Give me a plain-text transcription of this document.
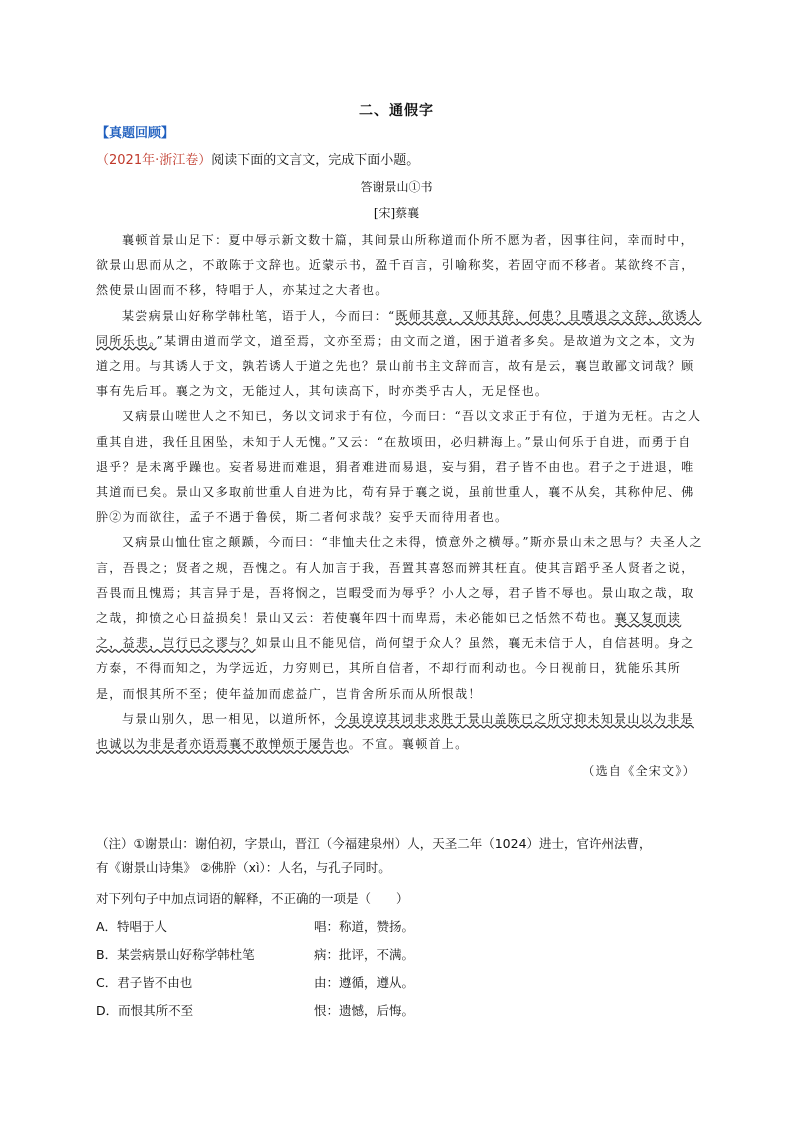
二、通假字
【真题回顾】
（2021年·浙江卷）阅读下面的文言文，完成下面小题。
答谢景山①书
[宋]蔡襄

襄顿首景山足下：夏中辱示新文数十篇，其间景山所称道而仆所不愿为者，因事往问，幸而时中，欲景山思而从之，不敢陈于文辞也。近蒙示书，盈千百言，引喻称奖，若固守而不移者。某欲终不言，然使景山固而不移，特唱于人，亦某过之大者也。

某尝病景山好称学韩杜笔，语于人，今而曰：“既师其意，又师其辞，何患？且嗜退之文辞，欲诱人同所乐也。”某谓由道而学文，道至焉，文亦至焉；由文而之道，困于道者多矣。是故道为文之本，文为道之用。与其诱人于文，孰若诱人于道之先也？景山前书主文辞而言，故有是云，襄岂敢鄙文词哉？顾事有先后耳。襄之为文，无能过人，其句读高下，时亦类乎古人，无足怪也。

又病景山嗟世人之不知已，务以文词求于有位，今而曰：“吾以文求正于有位，于道为无枉。古之人重其自进，我任且困坠，未知于人无愧。”又云：“在敖顷田，必归耕海上。”景山何乐于自进，而勇于自退乎？是未离乎躁也。妄者易进而难退，狷者难进而易退，妄与狷，君子皆不由也。君子之于进退，唯其道而已矣。景山又多取前世重人自进为比，苟有异于襄之说，虽前世重人，襄不从矣，其称仲尼、佛肸②为而欲往，孟子不遇于鲁侯，斯二者何求哉？妄乎天而待用者也。

又病景山恤仕宦之颠踬，今而曰：“非恤夫仕之未得，愤意外之横辱。”斯亦景山未之思与？夫圣人之言，吾畏之；贤者之规，吾愧之。有人加言于我，吾置其喜怒而辨其枉直。使其言蹈乎圣人贤者之说，吾畏而且愧焉；其言异于是，吾将悯之，岂暇受而为辱乎？小人之辱，君子皆不辱也。景山取之哉，取之哉，抑愤之心日益损矣！景山又云：若使襄年四十而卑焉，未必能如已之恬然不苟也。襄又复而读之，益悲，岂行已之谬与？如景山且不能见信，尚何望于众人？虽然，襄无未信于人，自信甚明。身之方泰，不得而知之，为学远近，力穷则已，其所自信者，不却行而利动也。今日视前日，犹能乐其所是，而恨其所不至；使年益加而虑益广，岂肯舍所乐而从所恨哉！

与景山别久，思一相见，以道所怀，今虽谆谆其词非求胜于景山盖陈已之所守抑未知景山以为非是也诚以为非是者亦语焉襄不敢惮烦于屡告也。不宣。襄顿首上。

（选自《全宋文》）
（注）①谢景山：谢伯初，字景山，晋江（今福建泉州）人，天圣二年（1024）进士，官许州法曹，
有《谢景山诗集》 ②佛肸（xì）：人名，与孔子同时。
对下列句子中加点词语的解释，不正确的一项是（　　）
A．特唱于人	唱：称道，赞扬。
B．某尝病景山好称学韩杜笔	病：批评，不满。
C．君子皆不由也	由：遵循，遵从。
D．而恨其所不至	恨：遗憾，后悔。
